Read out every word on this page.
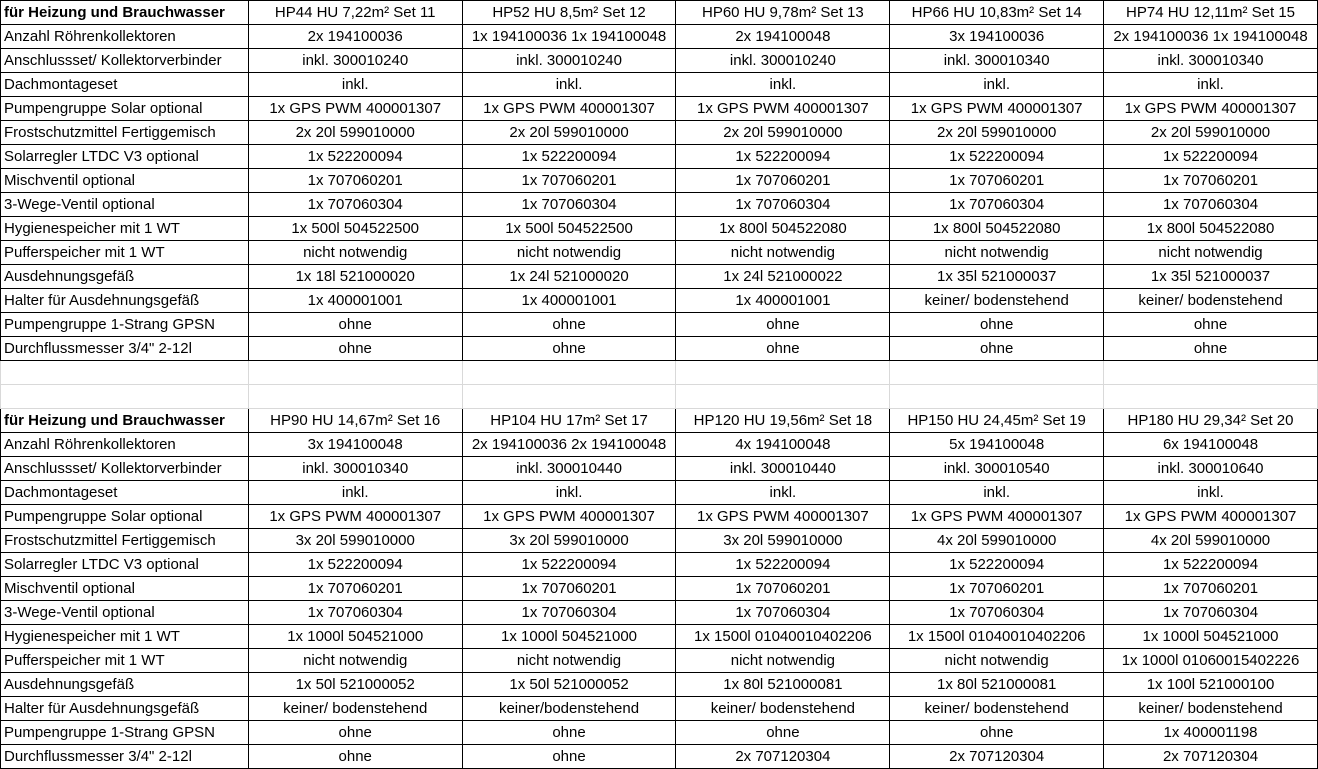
für Heizung und Brauchwasser	HP44 HU 7,22m² Set 11	HP52 HU 8,5m² Set 12	HP60 HU 9,78m² Set 13	HP66 HU 10,83m² Set 14	HP74 HU 12,11m² Set 15
Anzahl Röhrenkollektoren	2x 194100036	1x 194100036 1x 194100048	2x 194100048	3x 194100036	2x 194100036 1x 194100048
Anschlussset/ Kollektorverbinder	inkl. 300010240	inkl. 300010240	inkl. 300010240	inkl. 300010340	inkl. 300010340
Dachmontageset	inkl.	inkl.	inkl.	inkl.	inkl.
Pumpengruppe Solar optional	1x GPS PWM 400001307	1x GPS PWM 400001307	1x GPS PWM 400001307	1x GPS PWM 400001307	1x GPS PWM 400001307
Frostschutzmittel Fertiggemisch	2x 20l 599010000	2x 20l 599010000	2x 20l 599010000	2x 20l 599010000	2x 20l 599010000
Solarregler LTDC V3 optional	1x 522200094	1x 522200094	1x 522200094	1x 522200094	1x 522200094
Mischventil optional	1x 707060201	1x 707060201	1x 707060201	1x 707060201	1x 707060201
3-Wege-Ventil optional	1x 707060304	1x 707060304	1x 707060304	1x 707060304	1x 707060304
Hygienespeicher mit 1 WT	1x 500l 504522500	1x 500l 504522500	1x 800l 504522080	1x 800l 504522080	1x 800l 504522080
Pufferspeicher mit 1 WT	nicht notwendig	nicht notwendig	nicht notwendig	nicht notwendig	nicht notwendig
Ausdehnungsgefäß	1x 18l 521000020	1x 24l 521000020	1x 24l 521000022	1x 35l 521000037	1x 35l 521000037
Halter für Ausdehnungsgefäß	1x 400001001	1x 400001001	1x 400001001	keiner/ bodenstehend	keiner/ bodenstehend
Pumpengruppe 1-Strang GPSN	ohne	ohne	ohne	ohne	ohne
Durchflussmesser 3/4" 2-12l	ohne	ohne	ohne	ohne	ohne

für Heizung und Brauchwasser	HP90 HU 14,67m² Set 16	HP104 HU 17m² Set 17	HP120 HU 19,56m² Set 18	HP150 HU 24,45m² Set 19	HP180 HU 29,34² Set 20
Anzahl Röhrenkollektoren	3x 194100048	2x 194100036 2x 194100048	4x 194100048	5x 194100048	6x 194100048
Anschlussset/ Kollektorverbinder	inkl. 300010340	inkl. 300010440	inkl. 300010440	inkl. 300010540	inkl. 300010640
Dachmontageset	inkl.	inkl.	inkl.	inkl.	inkl.
Pumpengruppe Solar optional	1x GPS PWM 400001307	1x GPS PWM 400001307	1x GPS PWM 400001307	1x GPS PWM 400001307	1x GPS PWM 400001307
Frostschutzmittel Fertiggemisch	3x 20l 599010000	3x 20l 599010000	3x 20l 599010000	4x 20l 599010000	4x 20l 599010000
Solarregler LTDC V3 optional	1x 522200094	1x 522200094	1x 522200094	1x 522200094	1x 522200094
Mischventil optional	1x 707060201	1x 707060201	1x 707060201	1x 707060201	1x 707060201
3-Wege-Ventil optional	1x 707060304	1x 707060304	1x 707060304	1x 707060304	1x 707060304
Hygienespeicher mit 1 WT	1x 1000l 504521000	1x 1000l 504521000	1x 1500l 01040010402206	1x 1500l 01040010402206	1x 1000l 504521000
Pufferspeicher mit 1 WT	nicht notwendig	nicht notwendig	nicht notwendig	nicht notwendig	1x 1000l 01060015402226
Ausdehnungsgefäß	1x 50l 521000052	1x 50l 521000052	1x 80l 521000081	1x 80l 521000081	1x 100l 521000100
Halter für Ausdehnungsgefäß	keiner/ bodenstehend	keiner/bodenstehend	keiner/ bodenstehend	keiner/ bodenstehend	keiner/ bodenstehend
Pumpengruppe 1-Strang GPSN	ohne	ohne	ohne	ohne	1x 400001198
Durchflussmesser 3/4" 2-12l	ohne	ohne	2x 707120304	2x 707120304	2x 707120304
